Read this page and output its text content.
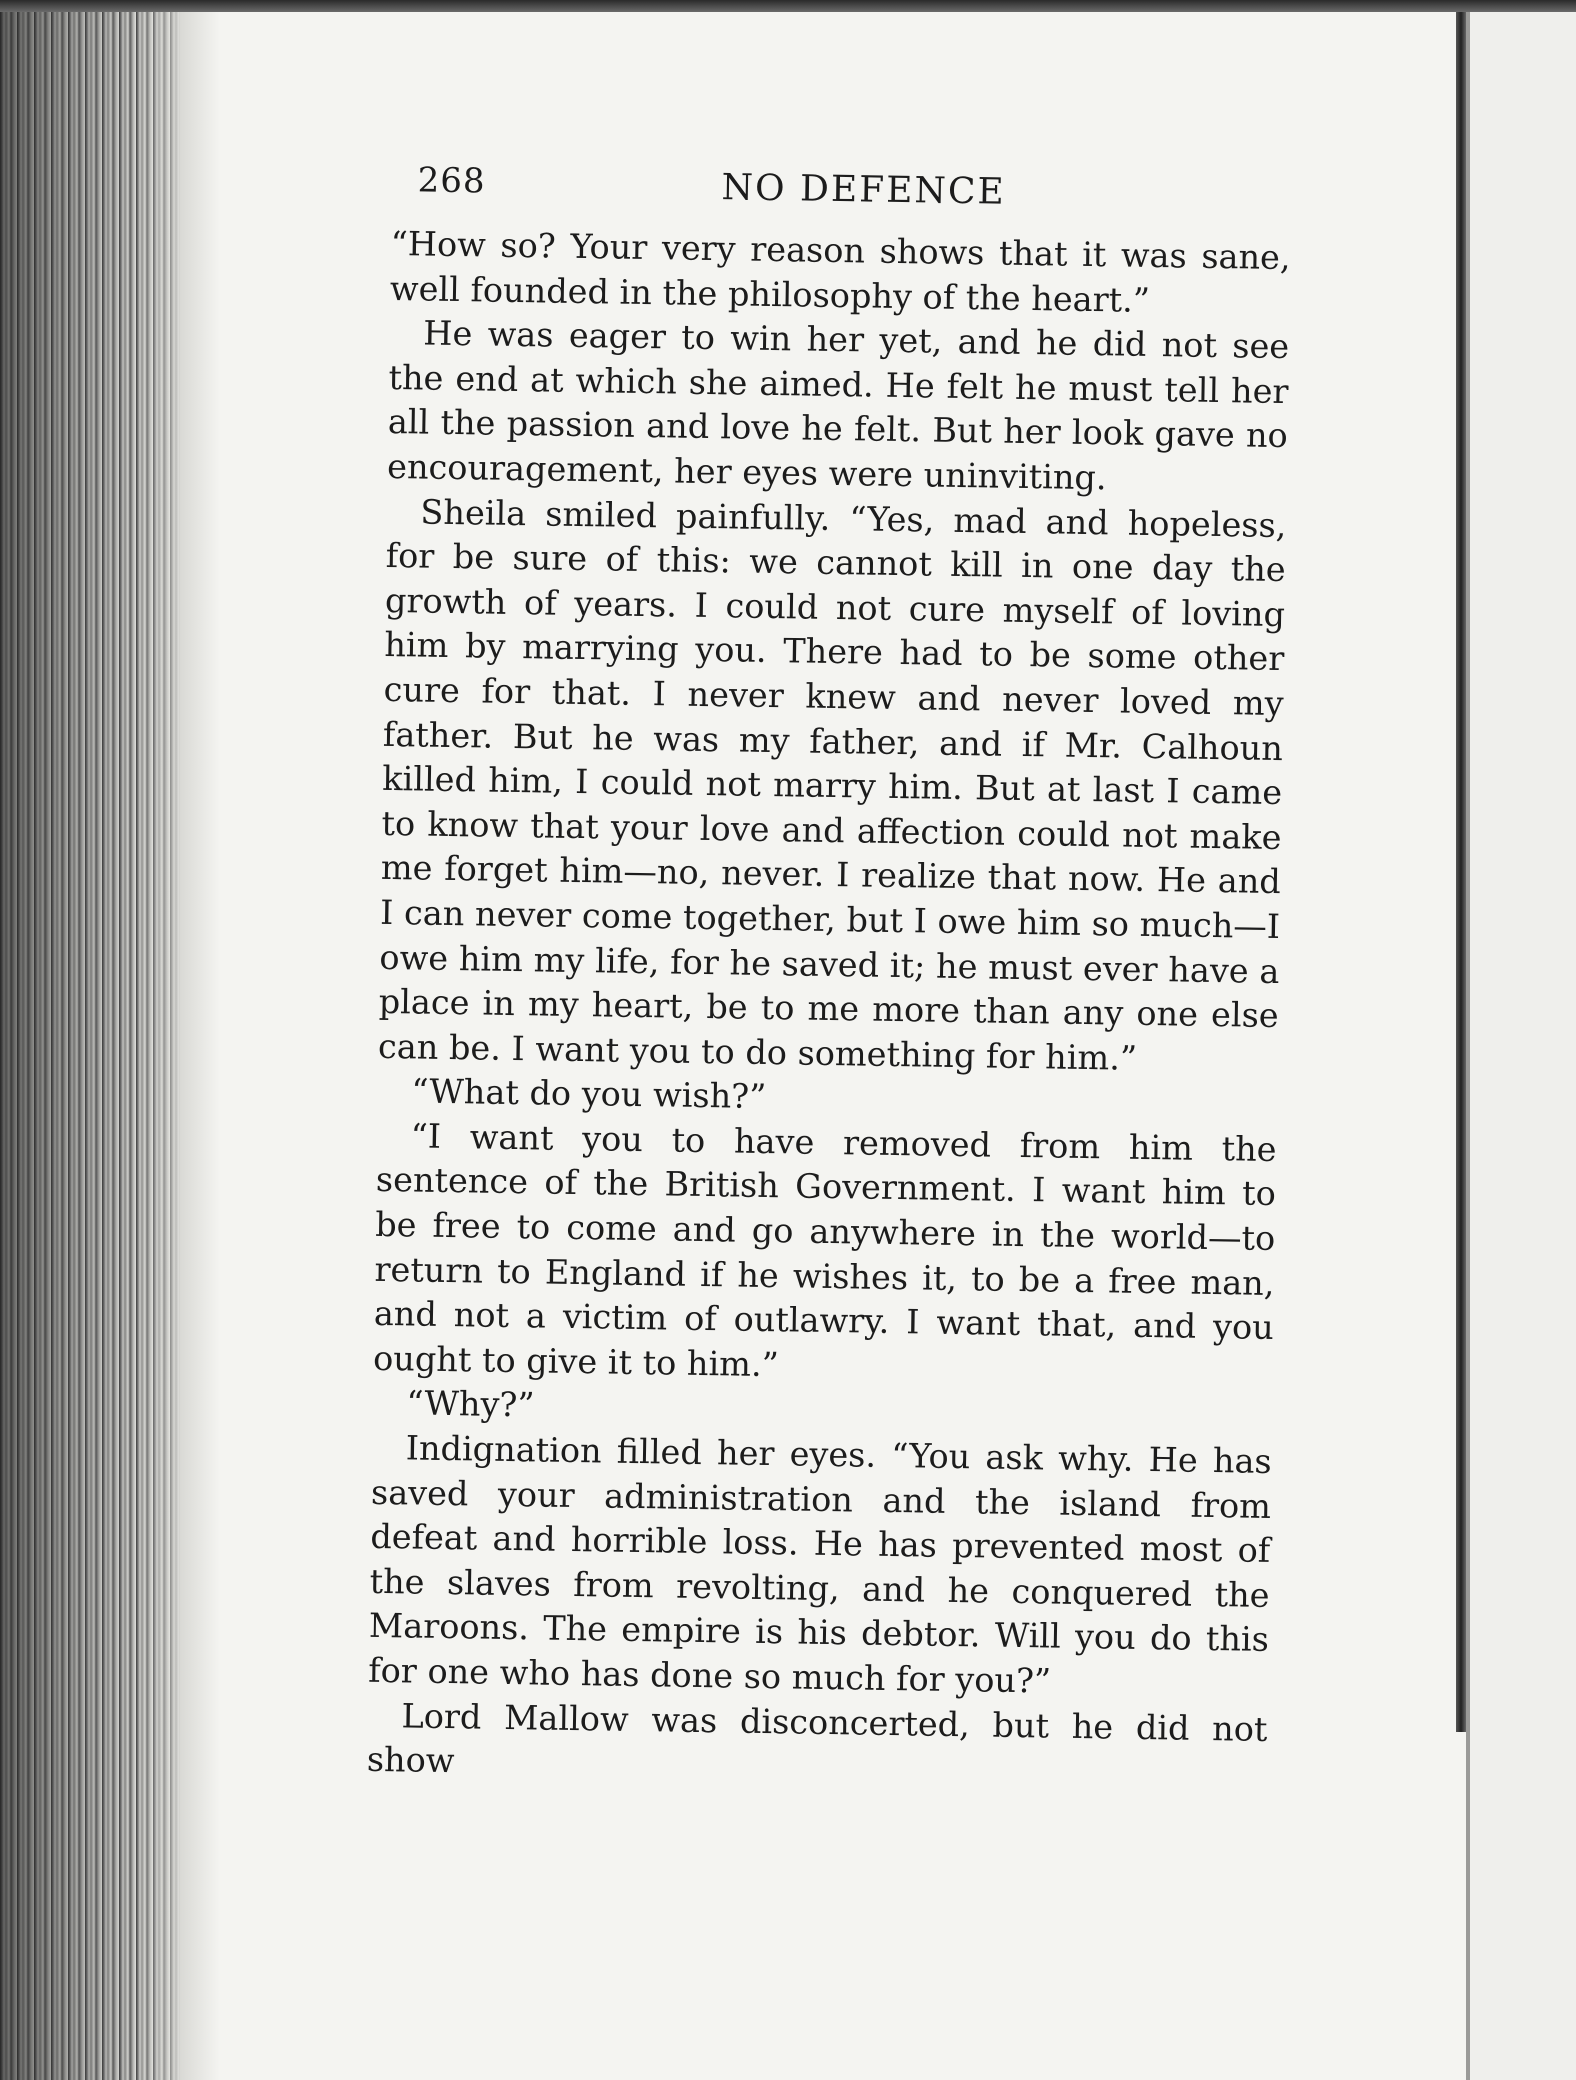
268	NO DEFENCE

“How so? Your very reason shows that it was sane, well founded in the philosophy of the heart.”

He was eager to win her yet, and he did not see the end at which she aimed. He felt he must tell her all the passion and love he felt. But her look gave no encouragement, her eyes were uninviting.

Sheila smiled painfully. “Yes, mad and hopeless, for be sure of this: we cannot kill in one day the growth of years. I could not cure myself of loving him by marrying you. There had to be some other cure for that. I never knew and never loved my father. But he was my father, and if Mr. Calhoun killed him, I could not marry him. But at last I came to know that your love and affection could not make me forget him—no, never. I realize that now. He and I can never come together, but I owe him so much—I owe him my life, for he saved it; he must ever have a place in my heart, be to me more than any one else can be. I want you to do something for him.”

“What do you wish?”

“I want you to have removed from him the sentence of the British Government. I want him to be free to come and go anywhere in the world—to return to England if he wishes it, to be a free man, and not a victim of outlawry. I want that, and you ought to give it to him.”

“Why?”

Indignation filled her eyes. “You ask why. He has saved your administration and the island from defeat and horrible loss. He has prevented most of the slaves from revolting, and he conquered the Maroons. The empire is his debtor. Will you do this for one who has done so much for you?”

Lord Mallow was disconcerted, but he did not show
